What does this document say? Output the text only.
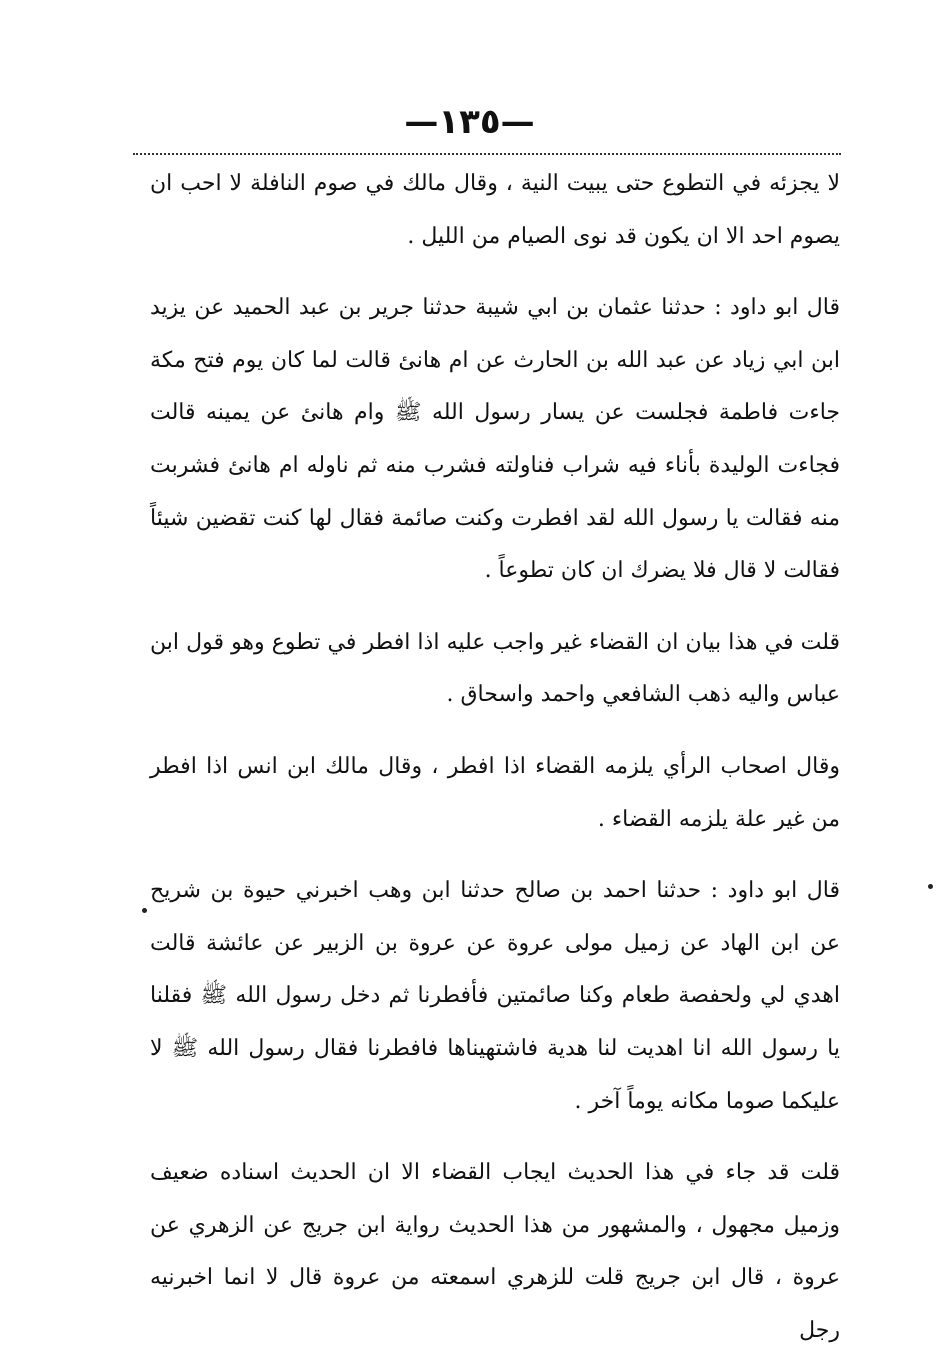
—١٣٥—

لا يجزئه في التطوع حتى يبيت النية ، وقال مالك في صوم النافلة لا احب ان يصوم احد الا ان يكون قد نوى الصيام من الليل .

قال ابو داود : حدثنا عثمان بن ابي شيبة حدثنا جرير بن عبد الحميد عن يزيد ابن ابي زياد عن عبد الله بن الحارث عن ام هانئ قالت لما كان يوم فتح مكة جاءت فاطمة فجلست عن يسار رسول الله ﷺ وام هانئ عن يمينه قالت فجاءت الوليدة بأناء فيه شراب فناولته فشرب منه ثم ناوله ام هانئ فشربت منه فقالت يا رسول الله لقد افطرت وكنت صائمة فقال لها كنت تقضين شيئاً فقالت لا قال فلا يضرك ان كان تطوعاً .

قلت في هذا بيان ان القضاء غير واجب عليه اذا افطر في تطوع وهو قول ابن عباس واليه ذهب الشافعي واحمد واسحاق .

وقال اصحاب الرأي يلزمه القضاء اذا افطر ، وقال مالك ابن انس اذا افطر من غير علة يلزمه القضاء .

قال ابو داود : حدثنا احمد بن صالح حدثنا ابن وهب اخبرني حيوة بن شريح عن ابن الهاد عن زميل مولى عروة عن عروة بن الزبير عن عائشة قالت اهدي لي ولحفصة طعام وكنا صائمتين فأفطرنا ثم دخل رسول الله ﷺ فقلنا يا رسول الله انا اهديت لنا هدية فاشتهيناها فافطرنا فقال رسول الله ﷺ لا عليكما صوما مكانه يوماً آخر .

قلت قد جاء في هذا الحديث ايجاب القضاء الا ان الحديث اسناده ضعيف وزميل مجهول ، والمشهور من هذا الحديث رواية ابن جريج عن الزهري عن عروة ، قال ابن جريج قلت للزهري اسمعته من عروة قال لا انما اخبرنيه رجل
